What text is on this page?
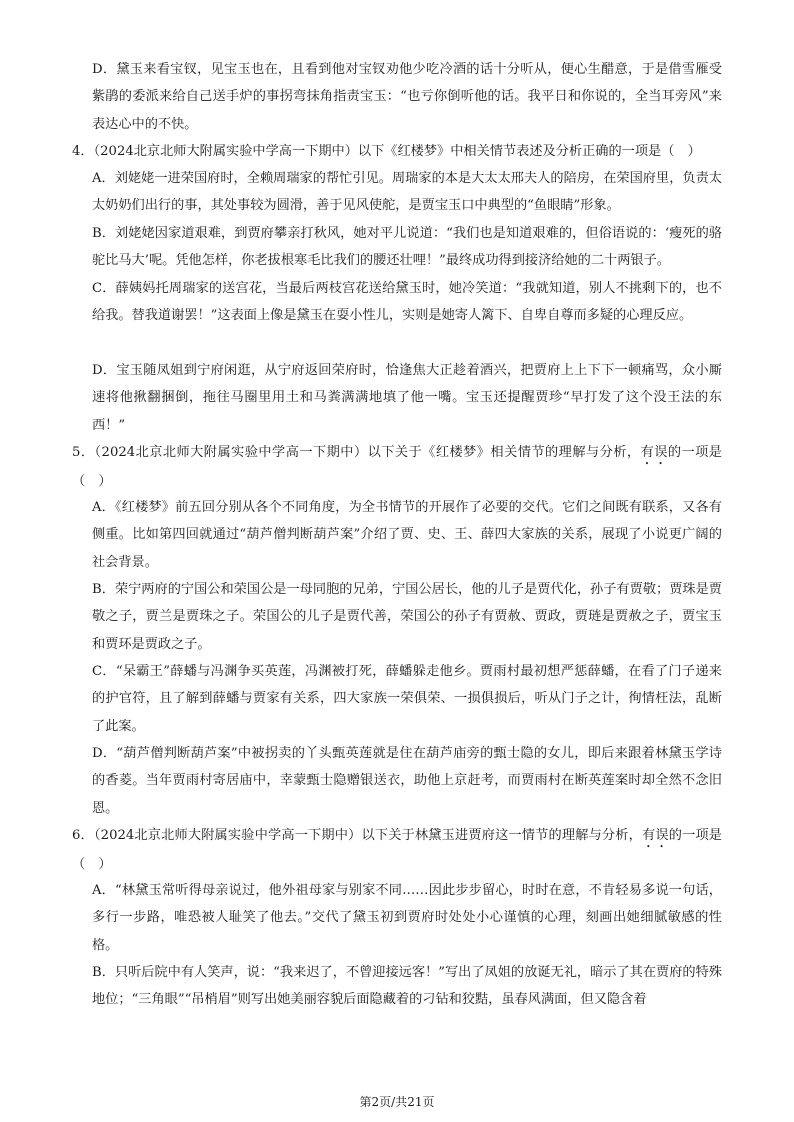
D．黛玉来看宝钗，见宝玉也在，且看到他对宝钗劝他少吃冷酒的话十分听从，便心生醋意，于是借雪雁受紫鹃的委派来给自己送手炉的事拐弯抹角指责宝玉：“也亏你倒听他的话。我平日和你说的，全当耳旁风”来表达心中的不快。

4．（2024北京北师大附属实验中学高一下期中）以下《红楼梦》中相关情节表述及分析正确的一项是（　）

A．刘姥姥一进荣国府时，全赖周瑞家的帮忙引见。周瑞家的本是大太太邢夫人的陪房，在荣国府里，负责太太奶奶们出行的事，其处事较为圆滑，善于见风使舵，是贾宝玉口中典型的“鱼眼睛”形象。

B．刘姥姥因家道艰难，到贾府攀亲打秋风，她对平儿说道：“我们也是知道艰难的，但俗语说的：‘瘦死的骆驼比马大’呢。凭他怎样，你老拔根寒毛比我们的腰还壮哩！”最终成功得到接济给她的二十两银子。

C．薛姨妈托周瑞家的送宫花，当最后两枝宫花送给黛玉时，她冷笑道：“我就知道，别人不挑剩下的，也不给我。替我道谢罢！”这表面上像是黛玉在耍小性儿，实则是她寄人篱下、自卑自尊而多疑的心理反应。

D．宝玉随凤姐到宁府闲逛，从宁府返回荣府时，恰逢焦大正趁着酒兴，把贾府上上下下一顿痛骂，众小厮速将他揪翻捆倒，拖往马圈里用土和马粪满满地填了他一嘴。宝玉还提醒贾珍“早打发了这个没王法的东西！”

5．（2024北京北师大附属实验中学高一下期中）以下关于《红楼梦》相关情节的理解与分析，有误的一项是（　）

A．《红楼梦》前五回分别从各个不同角度，为全书情节的开展作了必要的交代。它们之间既有联系，又各有侧重。比如第四回就通过“葫芦僧判断葫芦案”介绍了贾、史、王、薛四大家族的关系，展现了小说更广阔的社会背景。

B．荣宁两府的宁国公和荣国公是一母同胞的兄弟，宁国公居长，他的儿子是贾代化，孙子有贾敬；贾珠是贾敬之子，贾兰是贾珠之子。荣国公的儿子是贾代善，荣国公的孙子有贾赦、贾政，贾琏是贾赦之子，贾宝玉和贾环是贾政之子。

C．“呆霸王”薛蟠与冯渊争买英莲，冯渊被打死，薛蟠躲走他乡。贾雨村最初想严惩薛蟠，在看了门子递来的护官符，且了解到薛蟠与贾家有关系，四大家族一荣俱荣、一损俱损后，听从门子之计，徇情枉法，乱断了此案。

D．“葫芦僧判断葫芦案”中被拐卖的丫头甄英莲就是住在葫芦庙旁的甄士隐的女儿，即后来跟着林黛玉学诗的香菱。当年贾雨村寄居庙中，幸蒙甄士隐赠银送衣，助他上京赶考，而贾雨村在断英莲案时却全然不念旧恩。

6．（2024北京北师大附属实验中学高一下期中）以下关于林黛玉进贾府这一情节的理解与分析，有误的一项是（　）

A．“林黛玉常听得母亲说过，他外祖母家与别家不同……因此步步留心，时时在意，不肯轻易多说一句话，多行一步路，唯恐被人耻笑了他去。”交代了黛玉初到贾府时处处小心谨慎的心理，刻画出她细腻敏感的性格。

B．只听后院中有人笑声，说：“我来迟了，不曾迎接远客！”写出了凤姐的放诞无礼，暗示了其在贾府的特殊地位；“三角眼”“吊梢眉”则写出她美丽容貌后面隐藏着的刁钻和狡黠，虽春风满面，但又隐含着

第2页/共21页
